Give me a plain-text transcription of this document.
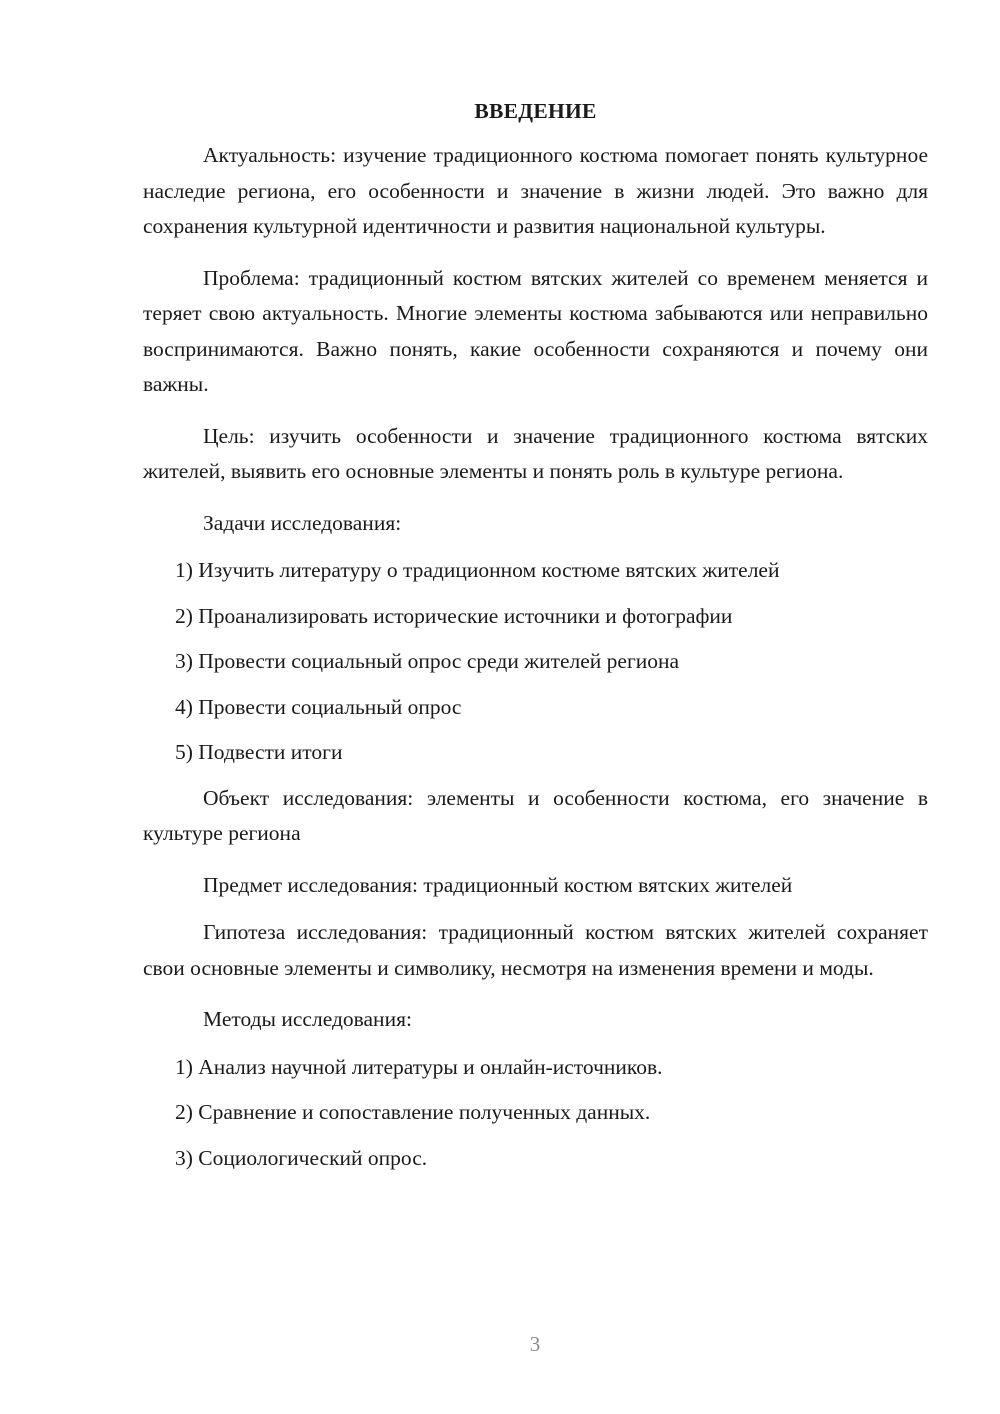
ВВЕДЕНИЕ

Актуальность: изучение традиционного костюма помогает понять культурное наследие региона, его особенности и значение в жизни людей. Это важно для сохранения культурной идентичности и развития национальной культуры.

Проблема: традиционный костюм вятских жителей со временем меняется и теряет свою актуальность. Многие элементы костюма забываются или неправильно воспринимаются. Важно понять, какие особенности сохраняются и почему они важны.

Цель: изучить особенности и значение традиционного костюма вятских жителей, выявить его основные элементы и понять роль в культуре региона.

Задачи исследования:

1) Изучить литературу о традиционном костюме вятских жителей
2) Проанализировать исторические источники и фотографии
3) Провести социальный опрос среди жителей региона
4) Провести социальный опрос
5) Подвести итоги

Объект исследования: элементы и особенности костюма, его значение в культуре региона

Предмет исследования: традиционный костюм вятских жителей

Гипотеза исследования: традиционный костюм вятских жителей сохраняет свои основные элементы и символику, несмотря на изменения времени и моды.

Методы исследования:

1) Анализ научной литературы и онлайн-источников.
2) Сравнение и сопоставление полученных данных.
3) Социологический опрос.
3
